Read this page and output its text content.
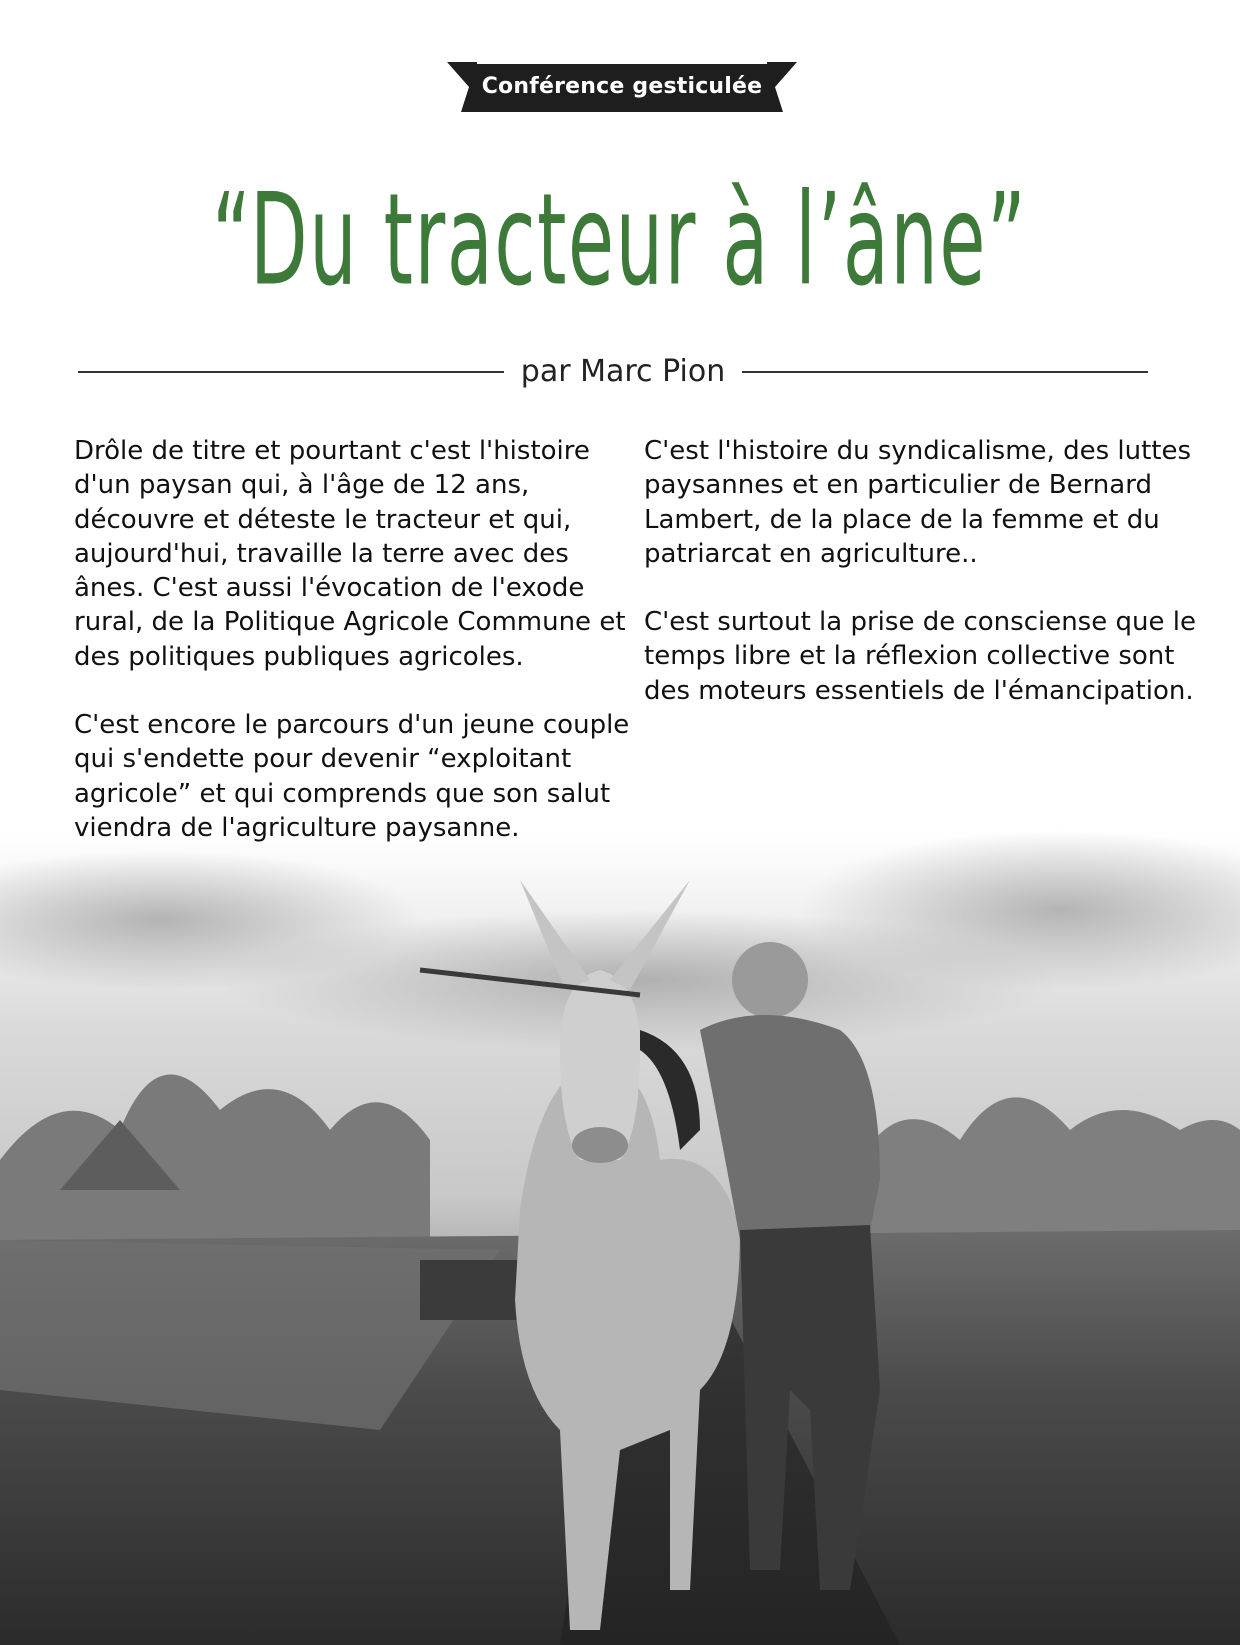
Conférence gesticulée
“Du tracteur à l’âne”
par Marc Pion

Drôle de titre et pourtant c'est l'histoire d'un paysan qui, à l'âge de 12 ans, découvre et déteste le tracteur et qui, aujourd'hui, travaille la terre avec des ânes. C'est aussi l'évocation de l'exode rural, de la Politique Agricole Commune et des politiques publiques agricoles.

C'est encore le parcours d'un jeune couple qui s'endette pour devenir “exploitant agricole” et qui comprends que son salut viendra de l'agriculture paysanne.

C'est l'histoire du syndicalisme, des luttes paysannes et en particulier de Bernard Lambert, de la place de la femme et du patriarcat en agriculture..

C'est surtout la prise de consciense que le temps libre et la réflexion collective sont des moteurs essentiels de l'émancipation.
